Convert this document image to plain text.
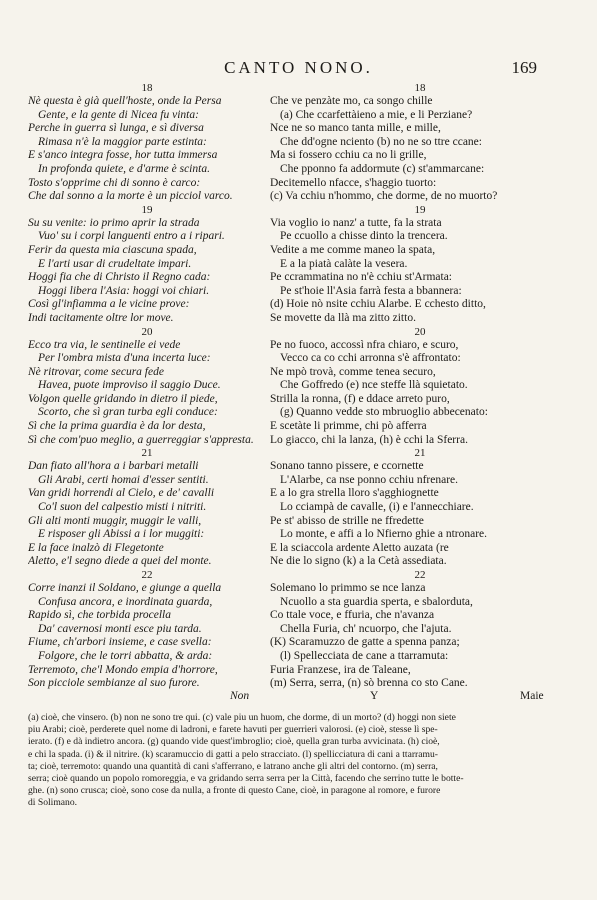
CANTO NONO.	169
18
Nè questa è già quell'hoste, onde la Persa
Gente, e la gente di Nicea fu vinta:
Perche in guerra sì lunga, e sì diversa
Rimasa n'è la maggior parte estinta:
E s'anco integra fosse, hor tutta immersa
In profonda quiete, e d'arme è scinta.
Tosto s'opprime chi di sonno è carco:
Che dal sonno a la morte è un picciol varco.
19
Su su venite: io primo aprir la strada
Vuo' su i corpi languenti entro a i ripari.
Ferir da questa mia ciascuna spada,
E l'arti usar di crudeltate impari.
Hoggi fia che di Christo il Regno cada:
Hoggi libera l'Asia: hoggi voi chiari.
Così gl'infiamma a le vicine prove:
Indi tacitamente oltre lor move.
20
Ecco tra via, le sentinelle ei vede
Per l'ombra mista d'una incerta luce:
Nè ritrovar, come secura fede
Havea, puote improviso il saggio Duce.
Volgon quelle gridando in dietro il piede,
Scorto, che sì gran turba egli conduce:
Sì che la prima guardia è da lor desta,
Sì che com'puo meglio, a guerreggiar s'appresta.
21
Dan fiato all'hora a i barbari metalli
Gli Arabi, certi homai d'esser sentiti.
Van gridi horrendi al Cielo, e de' cavalli
Co'l suon del calpestio misti i nitriti.
Gli alti monti muggir, muggir le valli,
E risposer gli Abissi a i lor muggiti:
E la face inalzò di Flegetonte
Aletto, e'l segno diede a quei del monte.
22
Corre inanzi il Soldano, e giunge a quella
Confusa ancora, e inordinata guarda,
Rapido sì, che torbida procella
Da' cavernosi monti esce piu tarda.
Fiume, ch'arbori insieme, e case svella:
Folgore, che le torri abbatta, & arda:
Terremoto, che'l Mondo empia d'horrore,
Son picciole sembianze al suo furore.
18
Che ve penzàte mo, ca songo chille
(a) Che ccarfettàieno a mie, e li Perziane?
Nce ne so manco tanta mille, e mille,
Che dd'ogne nciento (b) no ne so ttre ccane:
Ma si fossero cchiu ca no li grille,
Che pponno fa addormute (c) st'ammarcane:
Decitemello nfacce, s'haggio tuorto:
(c) Va cchiu n'hommo, che dorme, de no muorto?
19
Via voglio io nanz' a tutte, fa la strata
Pe ccuollo a chisse dinto la trencera.
Vedite a me comme maneo la spata,
E a la piatà calàte la vesera.
Pe ccrammatina no n'è cchiu st'Armata:
Pe st'hoie ll'Asia farrà festa a bbannera:
(d) Hoie nò nsite cchiu Alarbe. E cchesto ditto,
Se movette da llà ma zitto zitto.
20
Pe no fuoco, accossì nfra chiaro, e scuro,
Vecco ca co cchi arronna s'è affrontato:
Ne mpò trovà, comme tenea securo,
Che Goffredo (e) nce steffe llà squietato.
Strilla la ronna, (f) e ddace arreto puro,
(g) Quanno vedde sto mbruoglio abbecenato:
E scetàte li primme, chi pò afferra
Lo giacco, chi la lanza, (h) è cchi la Sferra.
21
Sonano tanno pissere, e ccornette
L'Alarbe, ca nse ponno cchiu nfrenare.
E a lo gra strella lloro s'agghiognette
Lo cciampà de cavalle, (i) e l'annecchiare.
Pe st' abisso de strille ne ffredette
Lo monte, e affi a lo Nfierno ghie a ntronare.
E la sciaccola ardente Aletto auzata (re
Ne die lo signo (k) a la Cetà assediata.
22
Solemano lo primmo se nce lanza
Ncuollo a sta guardia sperta, e sbalorduta,
Co ttale voce, e ffuria, che n'avanza
Chella Furia, ch' ncuorpo, che l'ajuta.
(K) Scaramuzzo de gatte a spenna panza;
(l) Spellecciata de cane a ttarramuta:
Furia Franzese, ira de Taleane,
(m) Serra, serra, (n) sò brenna co sto Cane.
Non	Y	Maie
(a) cioè, che vinsero. (b) non ne sono tre qui. (c) vale piu un huom, che dorme, di un morto? (d) hoggi non siete
piu Arabi; cioè, perderete quel nome di ladroni, e farete havuti per guerrieri valorosi. (e) cioè, stesse lì spe-
ierato. (f) e dà indietro ancora. (g) quando vide quest'imbroglio; cioè, quella gran turba avvicinata. (h) cioè,
e chi la spada. (i) & il nitrire. (k) scaramuccio di gatti a pelo stracciato. (l) spellicciatura di cani a ttarramu-
ta; cioè, terremoto: quando una quantità di cani s'afferrano, e latrano anche gli altri del contorno. (m) serra,
serra; cioè quando un popolo romoreggia, e va gridando serra serra per la Città, facendo che serrino tutte le botte-
ghe. (n) sono crusca; cioè, sono cose da nulla, a fronte di questo Cane, cioè, in paragone al romore, e furore
di Solimano.
